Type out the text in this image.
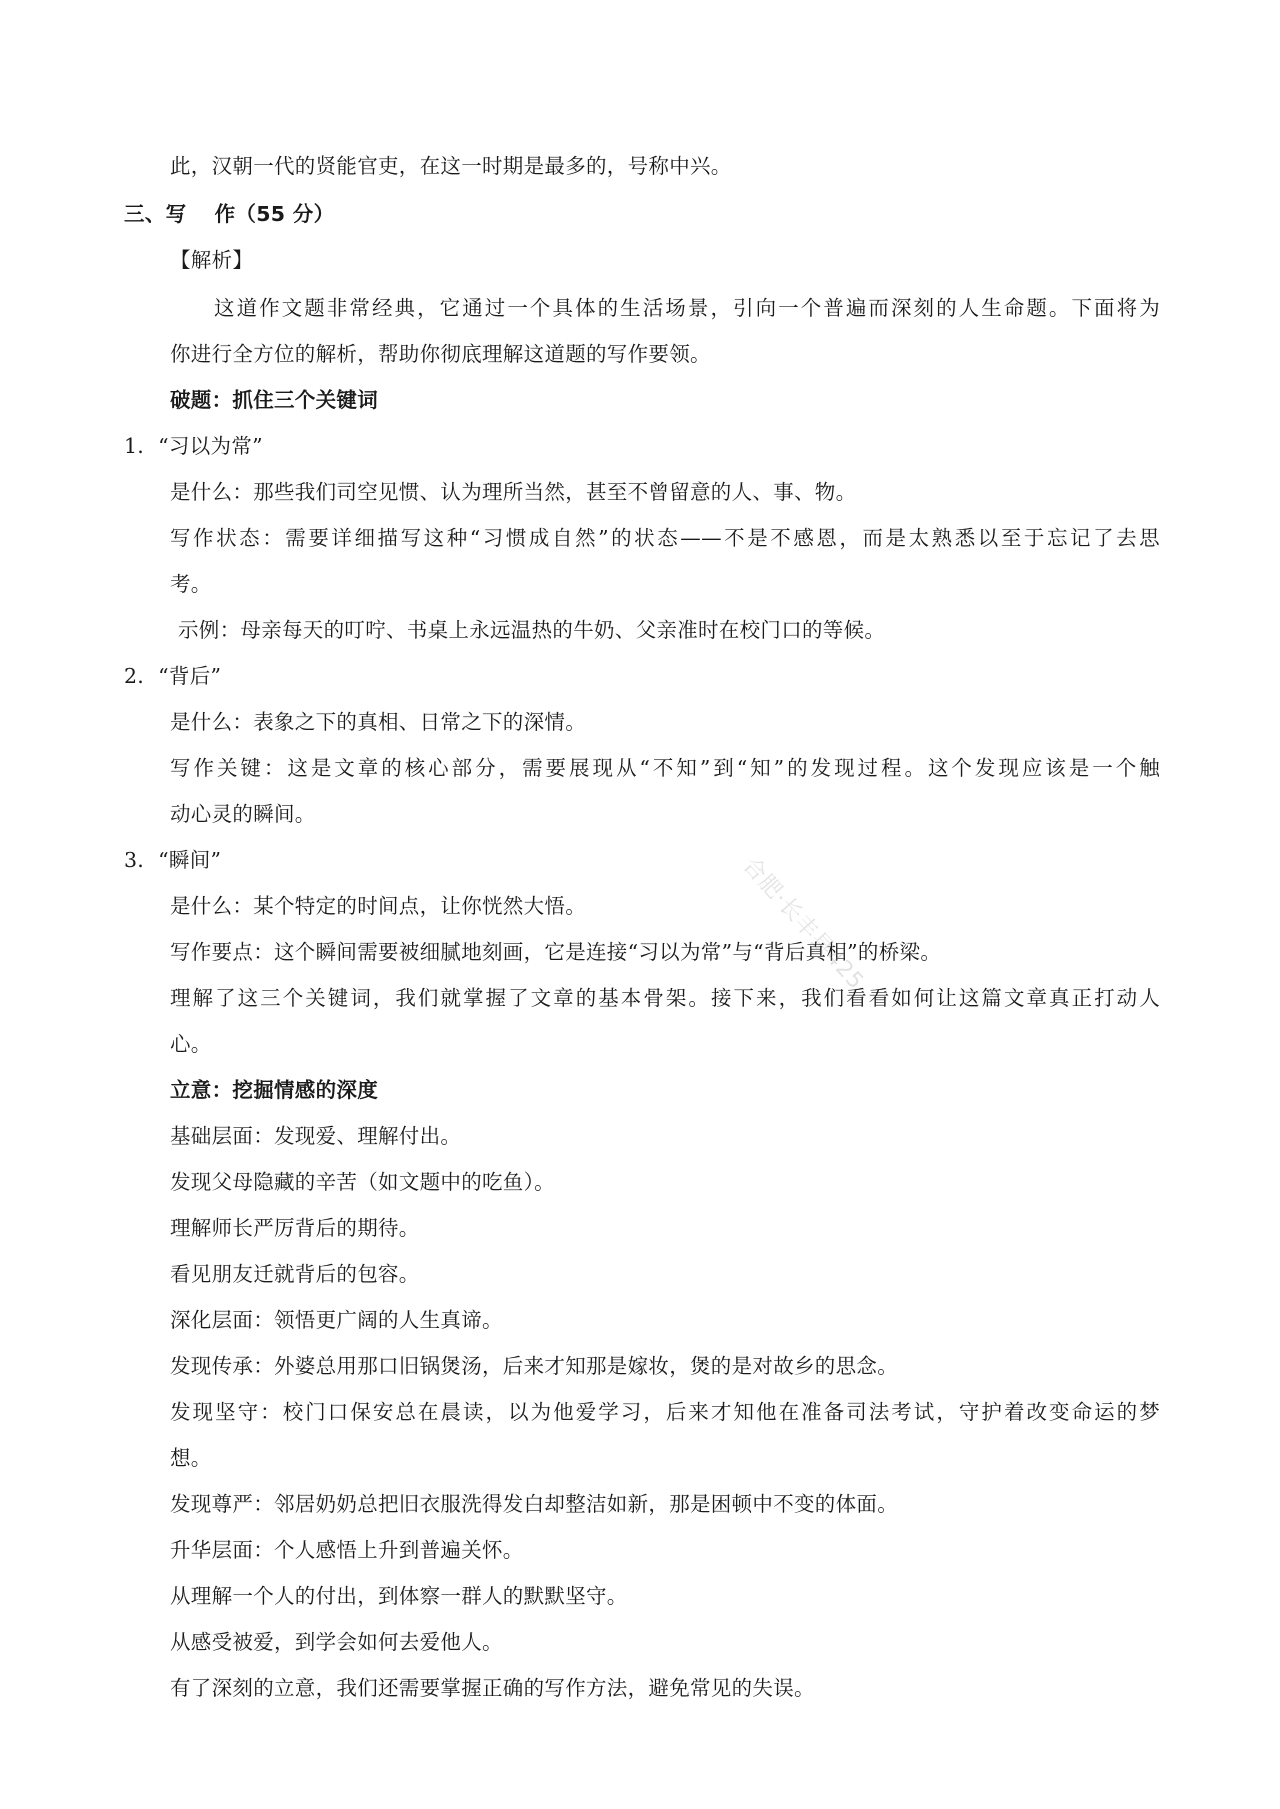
此，汉朝一代的贤能官吏，在这一时期是最多的，号称中兴。
三、写　 作（55 分）
【解析】
这道作文题非常经典，它通过一个具体的生活场景，引向一个普遍而深刻的人生命题。下面将为
你进行全方位的解析，帮助你彻底理解这道题的写作要领。
破题：抓住三个关键词
1．“习以为常”
是什么：那些我们司空见惯、认为理所当然，甚至不曾留意的人、事、物。
写作状态：需要详细描写这种“习惯成自然”的状态——不是不感恩，而是太熟悉以至于忘记了去思
考。
示例：母亲每天的叮咛、书桌上永远温热的牛奶、父亲准时在校门口的等候。
2．“背后”
是什么：表象之下的真相、日常之下的深情。
写作关键：这是文章的核心部分，需要展现从“不知”到“知”的发现过程。这个发现应该是一个触
动心灵的瞬间。
3．“瞬间”
是什么：某个特定的时间点，让你恍然大悟。
写作要点：这个瞬间需要被细腻地刻画，它是连接“习以为常”与“背后真相”的桥梁。
理解了这三个关键词，我们就掌握了文章的基本骨架。接下来，我们看看如何让这篇文章真正打动人
心。
立意：挖掘情感的深度
基础层面：发现爱、理解付出。
发现父母隐藏的辛苦（如文题中的吃鱼）。
理解师长严厉背后的期待。
看见朋友迁就背后的包容。
深化层面：领悟更广阔的人生真谛。
发现传承：外婆总用那口旧锅煲汤，后来才知那是嫁妆，煲的是对故乡的思念。
发现坚守：校门口保安总在晨读，以为他爱学习，后来才知他在准备司法考试，守护着改变命运的梦
想。
发现尊严：邻居奶奶总把旧衣服洗得发白却整洁如新，那是困顿中不变的体面。
升华层面：个人感悟上升到普遍关怀。
从理解一个人的付出，到体察一群人的默默坚守。
从感受被爱，到学会如何去爱他人。
有了深刻的立意，我们还需要掌握正确的写作方法，避免常见的失误。
合肥·长丰县425
